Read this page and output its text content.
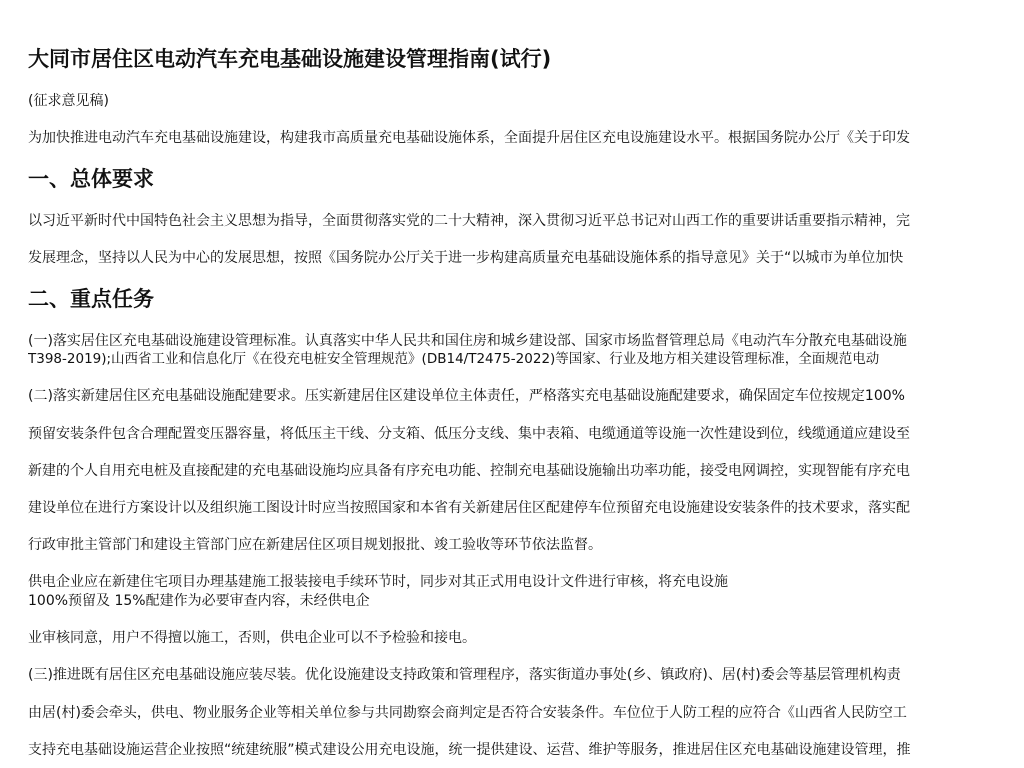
大同市居住区电动汽车充电基础设施建设管理指南(试行)
(征求意见稿)
为加快推进电动汽车充电基础设施建设，构建我市高质量充电基础设施体系，全面提升居住区充电设施建设水平。根据国务院办公厅《关于印发
一、总体要求
以习近平新时代中国特色社会主义思想为指导，全面贯彻落实党的二十大精神，深入贯彻习近平总书记对山西工作的重要讲话重要指示精神，完
发展理念，坚持以人民为中心的发展思想，按照《国务院办公厅关于进一步构建高质量充电基础设施体系的指导意见》关于“以城市为单位加快
二、重点任务
(一)落实居住区充电基础设施建设管理标准。认真落实中华人民共和国住房和城乡建设部、国家市场监督管理总局《电动汽车分散充电基础设施
T398-2019);山西省工业和信息化厅《在役充电桩安全管理规范》(DB14/T2475-2022)等国家、行业及地方相关建设管理标准，全面规范电动
(二)落实新建居住区充电基础设施配建要求。压实新建居住区建设单位主体责任，严格落实充电基础设施配建要求，确保固定车位按规定100%
预留安装条件包含合理配置变压器容量，将低压主干线、分支箱、低压分支线、集中表箱、电缆通道等设施一次性建设到位，线缆通道应建设至
新建的个人自用充电桩及直接配建的充电基础设施均应具备有序充电功能、控制充电基础设施输出功率功能，接受电网调控，实现智能有序充电
建设单位在进行方案设计以及组织施工图设计时应当按照国家和本省有关新建居住区配建停车位预留充电设施建设安装条件的技术要求，落实配
行政审批主管部门和建设主管部门应在新建居住区项目规划报批、竣工验收等环节依法监督。
供电企业应在新建住宅项目办理基建施工报装接电手续环节时，同步对其正式用电设计文件进行审核，将充电设施
100%预留及 15%配建作为必要审查内容，未经供电企
业审核同意，用户不得擅以施工，否则，供电企业可以不予检验和接电。
(三)推进既有居住区充电基础设施应装尽装。优化设施建设支持政策和管理程序，落实街道办事处(乡、镇政府)、居(村)委会等基层管理机构责
由居(村)委会牵头，供电、物业服务企业等相关单位参与共同勘察会商判定是否符合安装条件。车位位于人防工程的应符合《山西省人民防空工
支持充电基础设施运营企业按照“统建统服”模式建设公用充电设施，统一提供建设、运营、维护等服务，推进居住区充电基础设施建设管理，推
